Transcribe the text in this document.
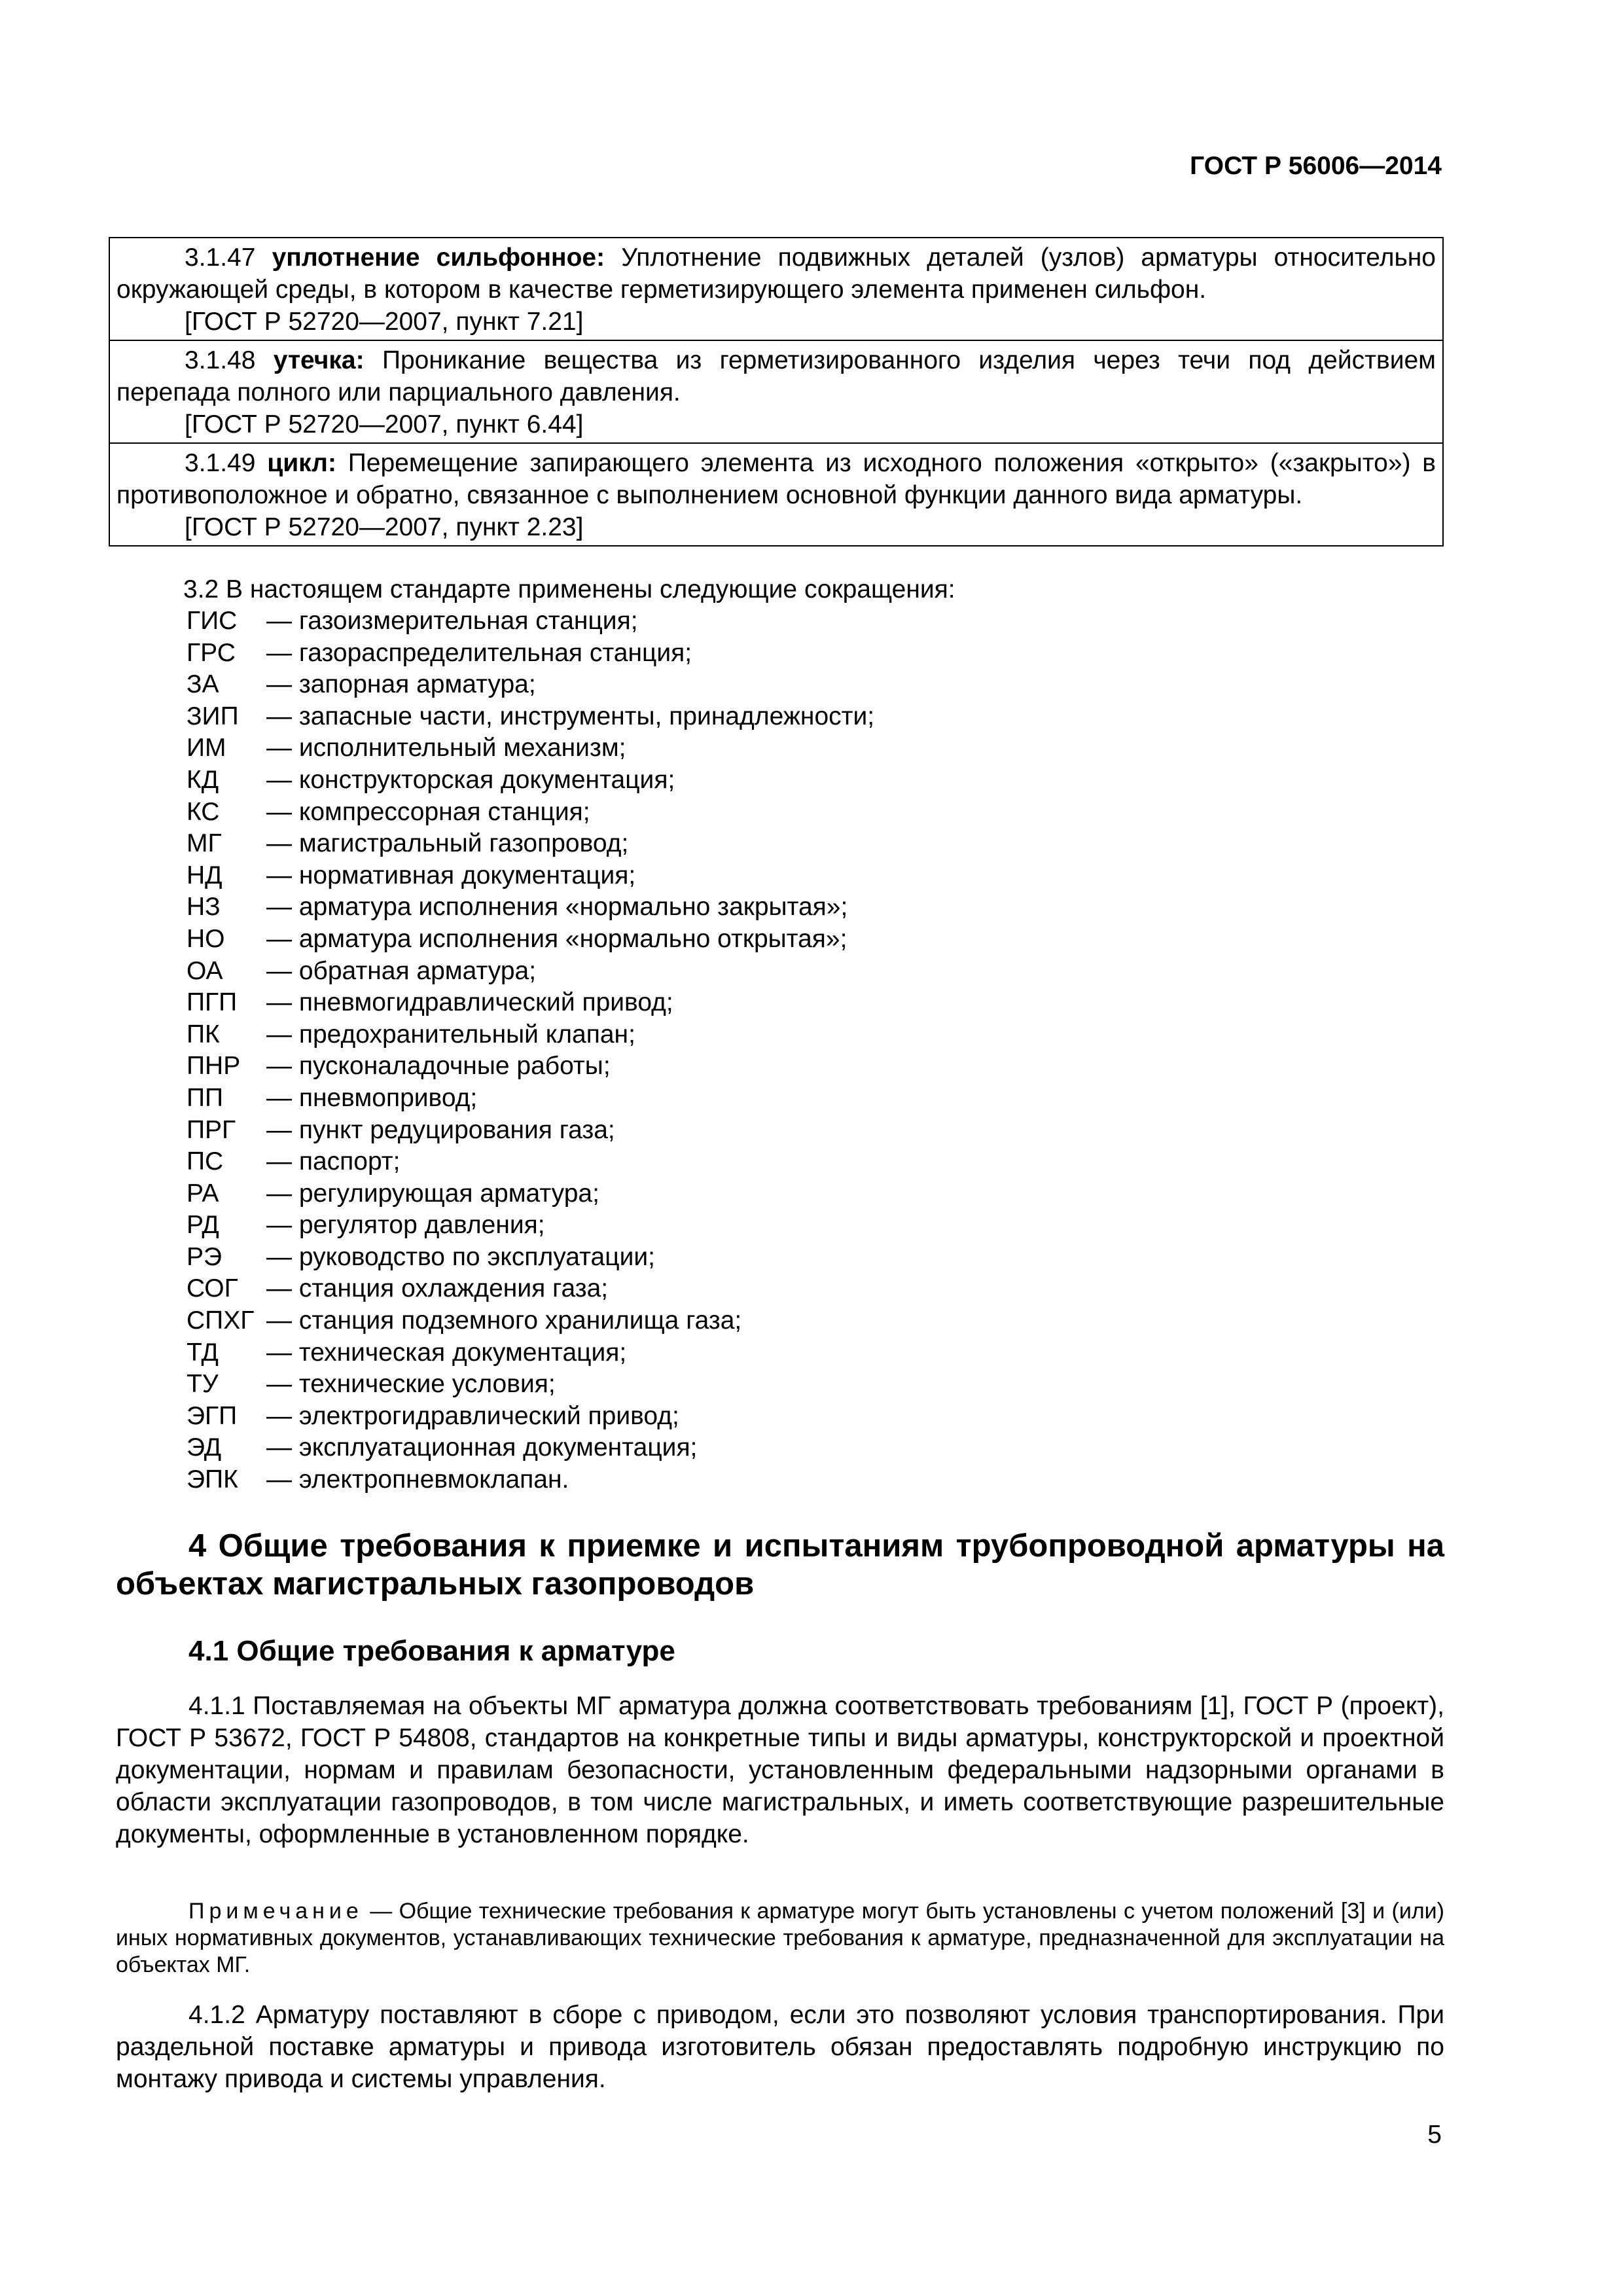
ГОСТ Р 56006—2014

3.1.47 уплотнение сильфонное: Уплотнение подвижных деталей (узлов) арматуры относительно окружающей среды, в котором в качестве герметизирующего элемента применен сильфон.

[ГОСТ Р 52720—2007, пункт 7.21]

3.1.48 утечка: Проникание вещества из герметизированного изделия через течи под действием перепада полного или парциального давления.

[ГОСТ Р 52720—2007, пункт 6.44]

3.1.49 цикл: Перемещение запирающего элемента из исходного положения «открыто» («закрыто») в противоположное и обратно, связанное с выполнением основной функции данного вида арматуры.

[ГОСТ Р 52720—2007, пункт 2.23]

3.2 В настоящем стандарте применены следующие сокращения:

ГИС — газоизмерительная станция;
ГРС — газораспределительная станция;
ЗА — запорная арматура;
ЗИП — запасные части, инструменты, принадлежности;
ИМ — исполнительный механизм;
КД — конструкторская документация;
КС — компрессорная станция;
МГ — магистральный газопровод;
НД — нормативная документация;
НЗ — арматура исполнения «нормально закрытая»;
НО — арматура исполнения «нормально открытая»;
ОА — обратная арматура;
ПГП — пневмогидравлический привод;
ПК — предохранительный клапан;
ПНР — пусконаладочные работы;
ПП — пневмопривод;
ПРГ — пункт редуцирования газа;
ПС — паспорт;
РА — регулирующая арматура;
РД — регулятор давления;
РЭ — руководство по эксплуатации;
СОГ — станция охлаждения газа;
СПХГ — станция подземного хранилища газа;
ТД — техническая документация;
ТУ — технические условия;
ЭГП — электрогидравлический привод;
ЭД — эксплуатационная документация;
ЭПК — электропневмоклапан.
4 Общие требования к приемке и испытаниям трубопроводной арматуры на объектах магистральных газопроводов
4.1 Общие требования к арматуре

4.1.1 Поставляемая на объекты МГ арматура должна соответствовать требованиям [1], ГОСТ Р (проект), ГОСТ Р 53672, ГОСТ Р 54808, стандартов на конкретные типы и виды арматуры, конструкторской и проектной документации, нормам и правилам безопасности, установленным федеральными надзорными органами в области эксплуатации газопроводов, в том числе магистральных, и иметь соответствующие разрешительные документы, оформленные в установленном порядке.

Примечание — Общие технические требования к арматуре могут быть установлены с учетом положений [3] и (или) иных нормативных документов, устанавливающих технические требования к арматуре, предназначенной для эксплуатации на объектах МГ.

4.1.2 Арматуру поставляют в сборе с приводом, если это позволяют условия транспортирования. При раздельной поставке арматуры и привода изготовитель обязан предоставлять подробную инструкцию по монтажу привода и системы управления.

5
